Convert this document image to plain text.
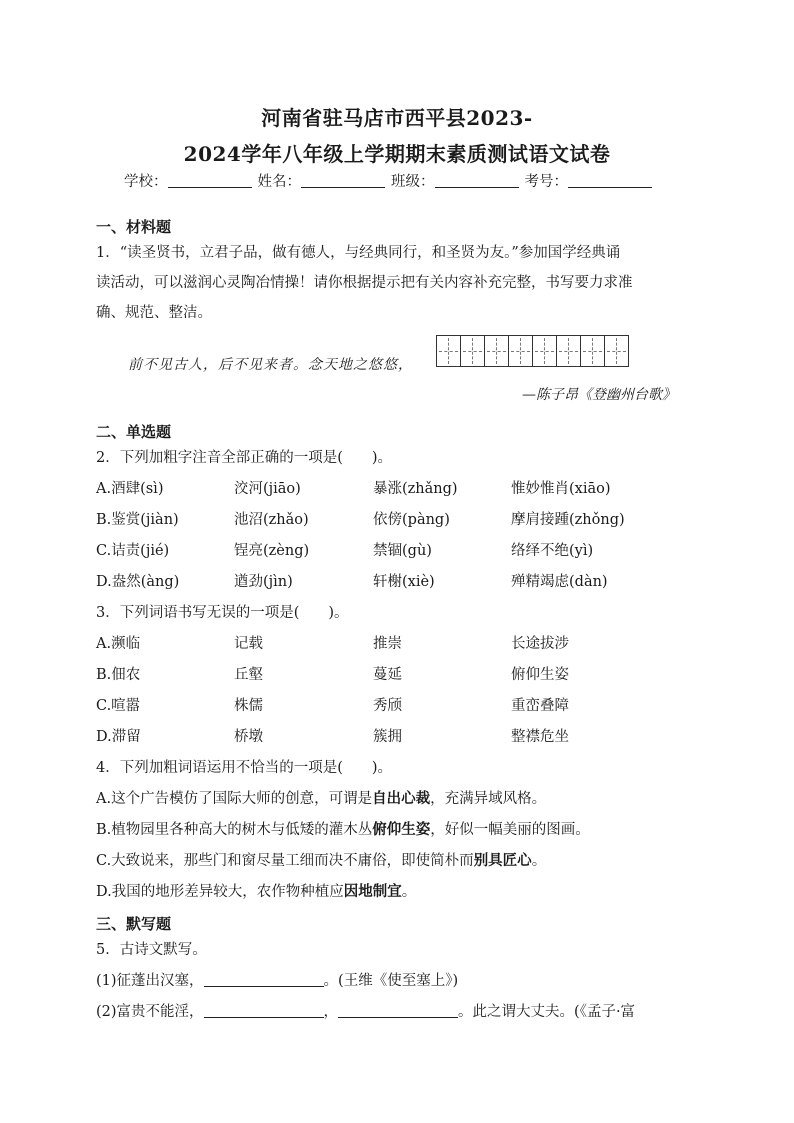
河南省驻马店市西平县2023-
2024学年八年级上学期期末素质测试语文试卷
学校：	姓名：	班级：	考号：
一、材料题
1．“读圣贤书，立君子品，做有德人，与经典同行，和圣贤为友。”参加国学经典诵
读活动，可以滋润心灵陶冶情操！请你根据提示把有关内容补充完整，书写要力求准
确、规范、整洁。
前不见古人，后不见来者。念天地之悠悠，
—陈子昂《登幽州台歌》
二、单选题
2．下列加粗字注音全部正确的一项是(　　)。
A.酒肆(sì)	洨河(jiāo)	暴涨(zhǎng)	惟妙惟肖(xiāo)
B.鉴赏(jiàn)	池沼(zhǎo)	依傍(pàng)	摩肩接踵(zhǒng)
C.诘责(jié)	锃亮(zèng)	禁锢(gù)	络绎不绝(yì)
D.盎然(àng)	遒劲(jìn)	轩榭(xiè)	殚精竭虑(dàn)
3．下列词语书写无误的一项是(　　)。
A.濒临	记载	推崇	长途拔涉
B.佃农	丘壑	蔓延	俯仰生姿
C.喧嚣	株儒	秀颀	重峦叠障
D.滞留	桥墩	簇拥	整襟危坐
4．下列加粗词语运用不恰当的一项是(　　)。
A.这个广告模仿了国际大师的创意，可谓是自出心裁，充满异域风格。
B.植物园里各种高大的树木与低矮的灌木丛俯仰生姿，好似一幅美丽的图画。
C.大致说来，那些门和窗尽量工细而决不庸俗，即使简朴而别具匠心。
D.我国的地形差异较大，农作物种植应因地制宜。
三、默写题
5．古诗文默写。
(1)征蓬出汉塞，	。(王维《使至塞上》)
(2)富贵不能淫，	，	。此之谓大丈夫。(《孟子·富
